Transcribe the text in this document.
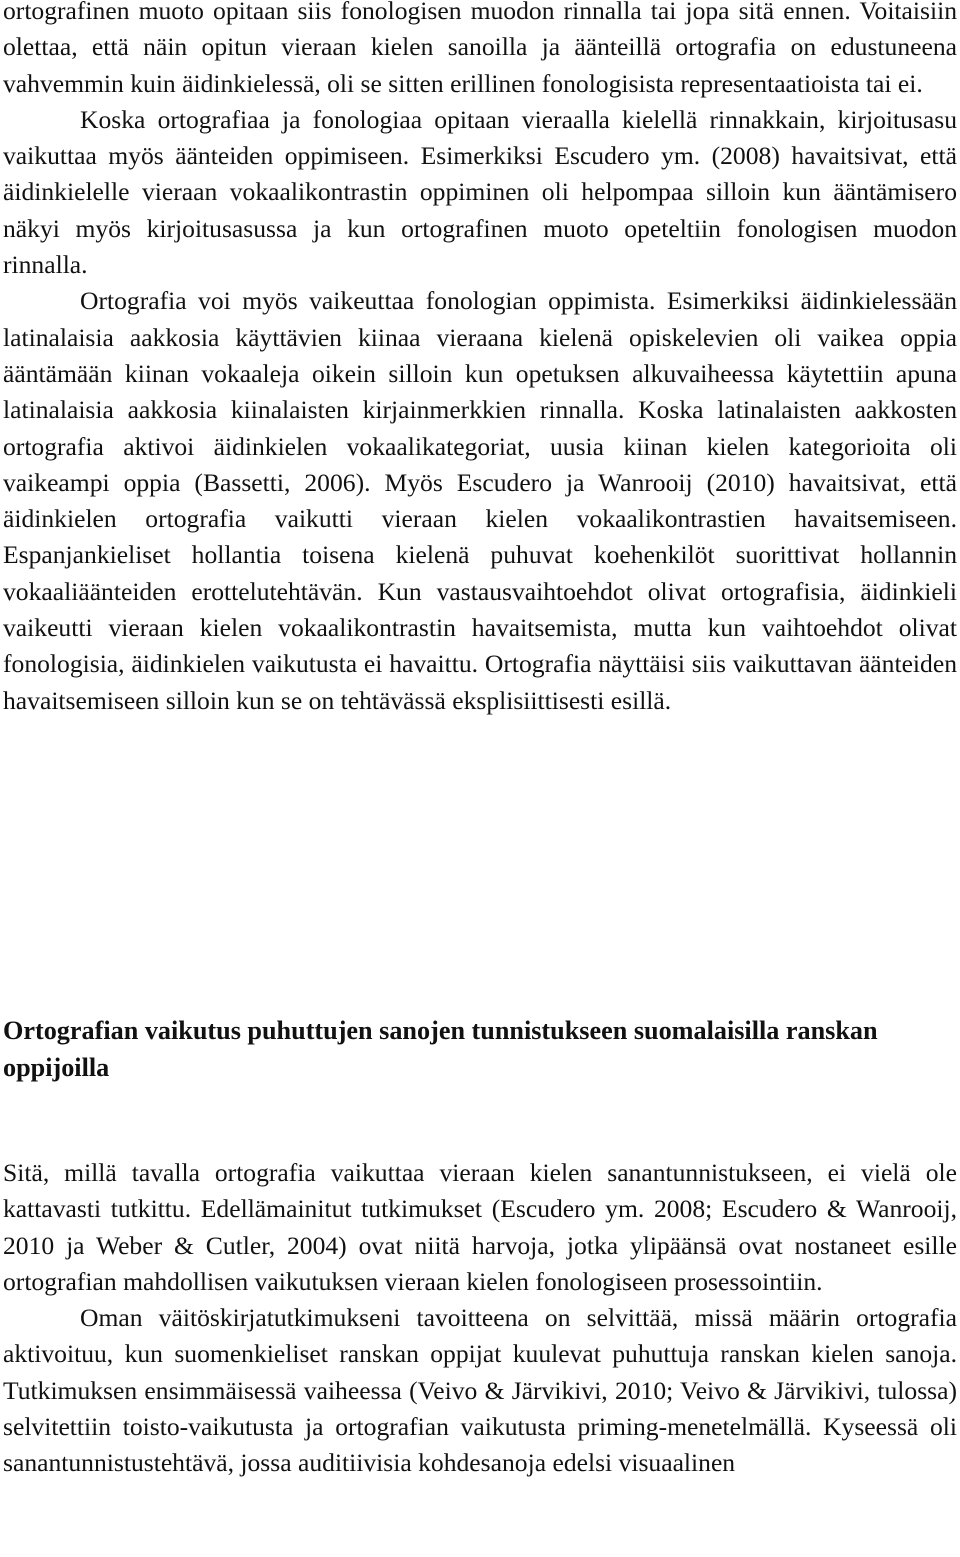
ortografinen muoto opitaan siis fonologisen muodon rinnalla tai jopa sitä ennen. Voitaisiin olettaa, että näin opitun vieraan kielen sanoilla ja äänteillä ortografia on edustuneena vahvemmin kuin äidinkielessä, oli se sitten erillinen fonologisista representaatioista tai ei.

Koska ortografiaa ja fonologiaa opitaan vieraalla kielellä rinnakkain, kirjoitusasu vaikuttaa myös äänteiden oppimiseen. Esimerkiksi Escudero ym. (2008) havaitsivat, että äidinkielelle vieraan vokaalikontrastin oppiminen oli helpompaa silloin kun ääntämisero näkyi myös kirjoitusasussa ja kun ortografinen muoto opeteltiin fonologisen muodon rinnalla.

Ortografia voi myös vaikeuttaa fonologian oppimista. Esimerkiksi äidinkielessään latinalaisia aakkosia käyttävien kiinaa vieraana kielenä opiskelevien oli vaikea oppia ääntämään kiinan vokaaleja oikein silloin kun opetuksen alkuvaiheessa käytettiin apuna latinalaisia aakkosia kiinalaisten kirjainmerkkien rinnalla. Koska latinalaisten aakkosten ortografia aktivoi äidinkielen vokaalikategoriat, uusia kiinan kielen kategorioita oli vaikeampi oppia (Bassetti, 2006). Myös Escudero ja Wanrooij (2010) havaitsivat, että äidinkielen ortografia vaikutti vieraan kielen vokaalikontrastien havaitsemiseen. Espanjankieliset hollantia toisena kielenä puhuvat koehenkilöt suorittivat hollannin vokaaliäänteiden erottelutehtävän. Kun vastausvaihtoehdot olivat ortografisia, äidinkieli vaikeutti vieraan kielen vokaalikontrastin havaitsemista, mutta kun vaihtoehdot olivat fonologisia, äidinkielen vaikutusta ei havaittu. Ortografia näyttäisi siis vaikuttavan äänteiden havaitsemiseen silloin kun se on tehtävässä eksplisiittisesti esillä.

Ortografian vaikutus puhuttujen sanojen tunnistukseen suomalaisilla ranskan oppijoilla

Sitä, millä tavalla ortografia vaikuttaa vieraan kielen sanantunnistukseen, ei vielä ole kattavasti tutkittu. Edellämainitut tutkimukset (Escudero ym. 2008; Escudero & Wanrooij, 2010 ja Weber & Cutler, 2004) ovat niitä harvoja, jotka ylipäänsä ovat nostaneet esille ortografian mahdollisen vaikutuksen vieraan kielen fonologiseen prosessointiin.

Oman väitöskirjatutkimukseni tavoitteena on selvittää, missä määrin ortografia aktivoituu, kun suomenkieliset ranskan oppijat kuulevat puhuttuja ranskan kielen sanoja. Tutkimuksen ensimmäisessä vaiheessa (Veivo & Järvikivi, 2010; Veivo & Järvikivi, tulossa) selvitettiin toisto-vaikutusta ja ortografian vaikutusta priming-menetelmällä. Kyseessä oli sanantunnistustehtävä, jossa auditiivisia kohdesanoja edelsi visuaalinen
